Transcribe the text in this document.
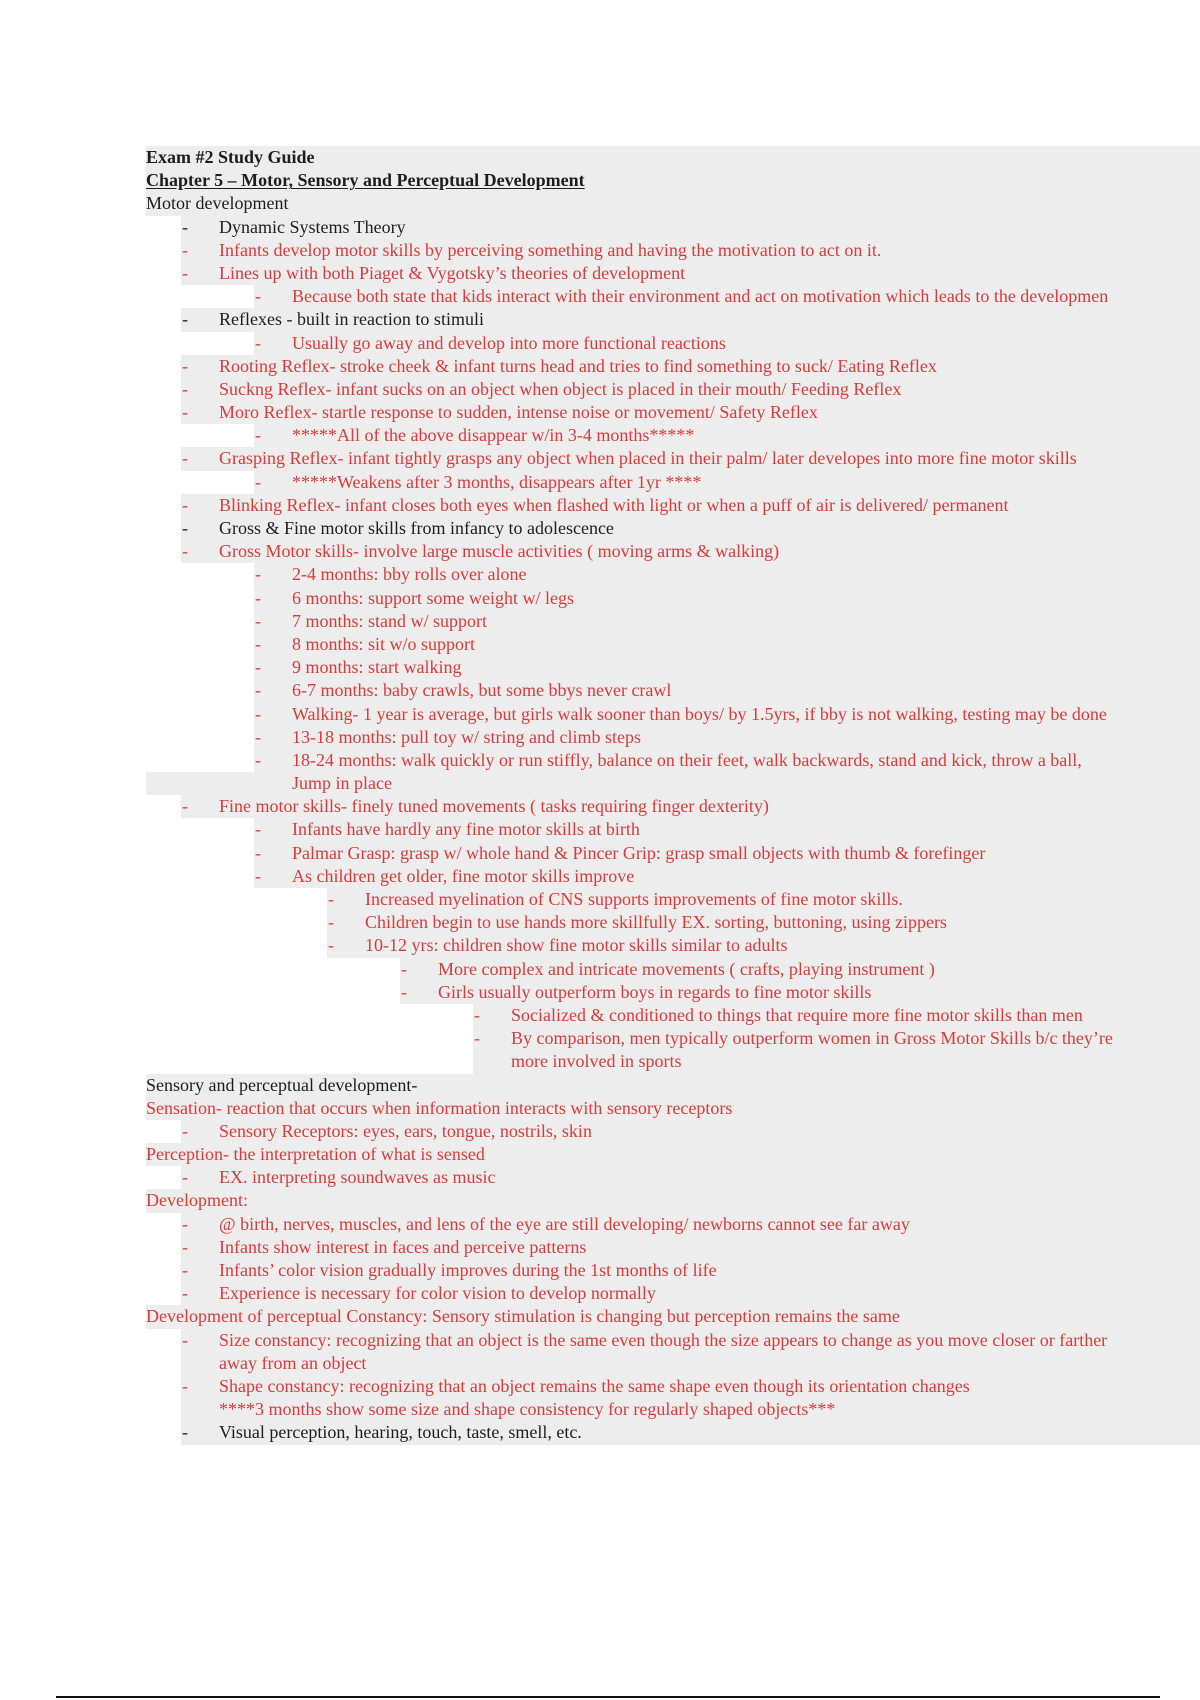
Exam #2 Study Guide
Chapter 5 – Motor, Sensory and Perceptual Development
Motor development
- Dynamic Systems Theory
- Infants develop motor skills by perceiving something and having the motivation to act on it.
- Lines up with both Piaget & Vygotsky’s theories of development
- Because both state that kids interact with their environment and act on motivation which leads to the developmen
- Reflexes - built in reaction to stimuli
- Usually go away and develop into more functional reactions
- Rooting Reflex- stroke cheek & infant turns head and tries to find something to suck/ Eating Reflex
- Suckng Reflex- infant sucks on an object when object is placed in their mouth/ Feeding Reflex
- Moro Reflex- startle response to sudden, intense noise or movement/ Safety Reflex
- *****All of the above disappear w/in 3-4 months*****
- Grasping Reflex- infant tightly grasps any object when placed in their palm/ later developes into more fine motor skills
- *****Weakens after 3 months, disappears after 1yr ****
- Blinking Reflex- infant closes both eyes when flashed with light or when a puff of air is delivered/ permanent
- Gross & Fine motor skills from infancy to adolescence
- Gross Motor skills- involve large muscle activities ( moving arms & walking)
- 2-4 months: bby rolls over alone
- 6 months: support some weight w/ legs
- 7 months: stand w/ support
- 8 months: sit w/o support
- 9 months: start walking
- 6-7 months: baby crawls, but some bbys never crawl
- Walking- 1 year is average, but girls walk sooner than boys/ by 1.5yrs, if bby is not walking, testing may be done
- 13-18 months: pull toy w/ string and climb steps
- 18-24 months: walk quickly or run stiffly, balance on their feet, walk backwards, stand and kick, throw a ball,
Jump in place
- Fine motor skills- finely tuned movements ( tasks requiring finger dexterity)
- Infants have hardly any fine motor skills at birth
- Palmar Grasp: grasp w/ whole hand & Pincer Grip: grasp small objects with thumb & forefinger
- As children get older, fine motor skills improve
- Increased myelination of CNS supports improvements of fine motor skills.
- Children begin to use hands more skillfully EX. sorting, buttoning, using zippers
- 10-12 yrs: children show fine motor skills similar to adults
- More complex and intricate movements ( crafts, playing instrument )
- Girls usually outperform boys in regards to fine motor skills
- Socialized & conditioned to things that require more fine motor skills than men
- By comparison, men typically outperform women in Gross Motor Skills b/c they’re
more involved in sports
Sensory and perceptual development-
Sensation- reaction that occurs when information interacts with sensory receptors
- Sensory Receptors: eyes, ears, tongue, nostrils, skin
Perception- the interpretation of what is sensed
- EX. interpreting soundwaves as music
Development:
- @ birth, nerves, muscles, and lens of the eye are still developing/ newborns cannot see far away
- Infants show interest in faces and perceive patterns
- Infants’ color vision gradually improves during the 1st months of life
- Experience is necessary for color vision to develop normally
Development of perceptual Constancy: Sensory stimulation is changing but perception remains the same
- Size constancy: recognizing that an object is the same even though the size appears to change as you move closer or farther
away from an object
- Shape constancy: recognizing that an object remains the same shape even though its orientation changes
****3 months show some size and shape consistency for regularly shaped objects***
- Visual perception, hearing, touch, taste, smell, etc.
